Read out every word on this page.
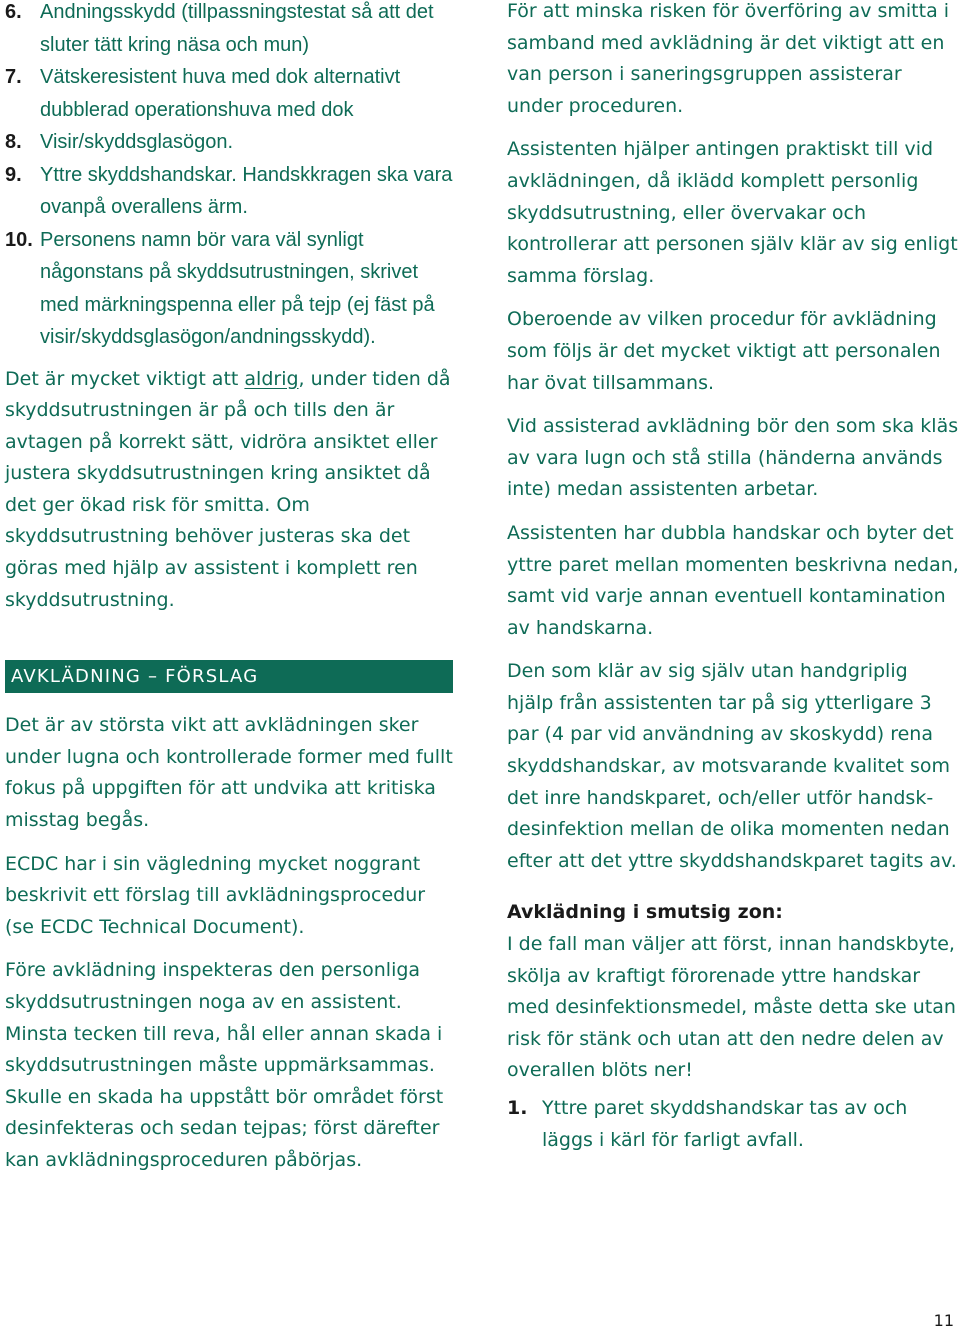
6. Andningsskydd (tillpassningstestat så att det sluter tätt kring näsa och mun)
7. Vätskeresistent huva med dok alternativt dubblerad operationshuva med dok
8. Visir/skyddsglasögon.
9. Yttre skyddshandskar. Handskkragen ska vara ovanpå overallens ärm.
10. Personens namn bör vara väl synligt någonstans på skyddsutrustningen, skrivet med märkningspenna eller på tejp (ej fäst på visir/skyddsglasögon/andningsskydd).

Det är mycket viktigt att aldrig, under tiden då skyddsutrustningen är på och tills den är avtagen på korrekt sätt, vidröra ansiktet eller justera skyddsutrustningen kring ansiktet då det ger ökad risk för smitta. Om skyddsutrustning behöver justeras ska det göras med hjälp av assistent i komplett ren skyddsutrustning.

AVKLÄDNING – FÖRSLAG

Det är av största vikt att avklädningen sker under lugna och kontrollerade former med fullt fokus på uppgiften för att undvika att kritiska misstag begås.

ECDC har i sin vägledning mycket noggrant beskrivit ett förslag till avklädningsprocedur (se ECDC Technical Document).

Före avklädning inspekteras den personliga skyddsutrustningen noga av en assistent. Minsta tecken till reva, hål eller annan skada i skyddsutrustningen måste uppmärksammas. Skulle en skada ha uppstått bör området först desinfekteras och sedan tejpas; först därefter kan avklädningsproceduren påbörjas.

För att minska risken för överföring av smitta i samband med avklädning är det viktigt att en van person i saneringsgruppen assisterar under proceduren.

Assistenten hjälper antingen praktiskt till vid avklädningen, då iklädd komplett personlig skyddsutrustning, eller övervakar och kontrollerar att personen själv klär av sig enligt samma förslag.

Oberoende av vilken procedur för avklädning som följs är det mycket viktigt att personalen har övat tillsammans.

Vid assisterad avklädning bör den som ska kläs av vara lugn och stå stilla (händerna används inte) medan assistenten arbetar.

Assistenten har dubbla handskar och byter det yttre paret mellan momenten beskrivna nedan, samt vid varje annan eventuell kontamination av handskarna.

Den som klär av sig själv utan handgriplig hjälp från assistenten tar på sig ytterligare 3 par (4 par vid användning av skoskydd) rena skyddshandskar, av motsvarande kvalitet som det inre handskparet, och/eller utför handsk- desinfektion mellan de olika momenten nedan efter att det yttre skyddshandskparet tagits av.

Avklädning i smutsig zon:

I de fall man väljer att först, innan handskbyte, skölja av kraftigt förorenade yttre handskar med desinfektionsmedel, måste detta ske utan risk för stänk och utan att den nedre delen av overallen blöts ner!

1. Yttre paret skyddshandskar tas av och läggs i kärl för farligt avfall.
11
